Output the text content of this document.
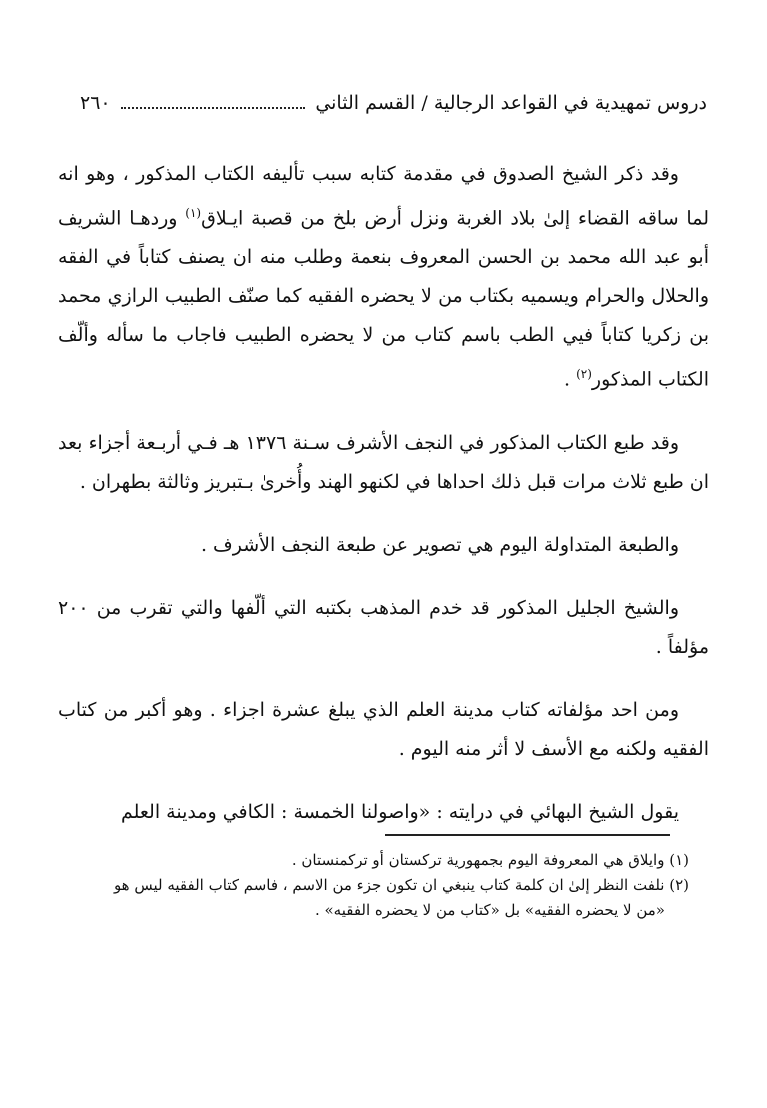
٢٦٠	دروس تمهيدية في القواعد الرجالية / القسم الثاني

وقد ذكر الشيخ الصدوق في مقدمة كتابه سبب تأليفه الكتاب المذكور ، وهو انه لما ساقه القضاء إلىٰ بلاد الغربة ونزل أرض بلخ من قصبة ايـلاق$^{(١)}$ وردهـا الشريف أبو عبد الله محمد بن الحسن المعروف بنعمة وطلب منه ان يصنف كتاباً في الفقه والحلال والحرام ويسميه بكتاب من لا يحضره الفقيه كما صنّف الطبيب الرازي محمد بن زكريا كتاباً فيي الطب باسم كتاب من لا يحضره الطبيب فاجاب ما سأله وألّف الكتاب المذكور$^{(٢)}$ .

وقد طبع الكتاب المذكور في النجف الأشرف سـنة ١٣٧٦ هـ فـي أربـعة أجزاء بعد ان طبع ثلاث مرات قبل ذلك احداها في لكنهو الهند وأُخرىٰ بـتبريز وثالثة بطهران .

والطبعة المتداولة اليوم هي تصوير عن طبعة النجف الأشرف .

والشيخ الجليل المذكور قد خدم المذهب بكتبه التي ألّفها والتي تقرب من ٢٠٠ مؤلفاً .

ومن احد مؤلفاته كتاب مدينة العلم الذي يبلغ عشرة اجزاء . وهو أكبر من كتاب الفقيه ولكنه مع الأسف لا أثر منه اليوم .

يقول الشيخ البهائي في درايته : «واصولنا الخمسة : الكافي ومدينة العلم

(١) وايلاق هي المعروفة اليوم بجمهورية تركستان أو تركمنستان .

(٢) نلفت النظر إلىٰ ان كلمة كتاب ينبغي ان تكون جزء من الاسم ، فاسم كتاب الفقيه ليس هو

«من لا يحضره الفقيه» بل «كتاب من لا يحضره الفقيه» .
